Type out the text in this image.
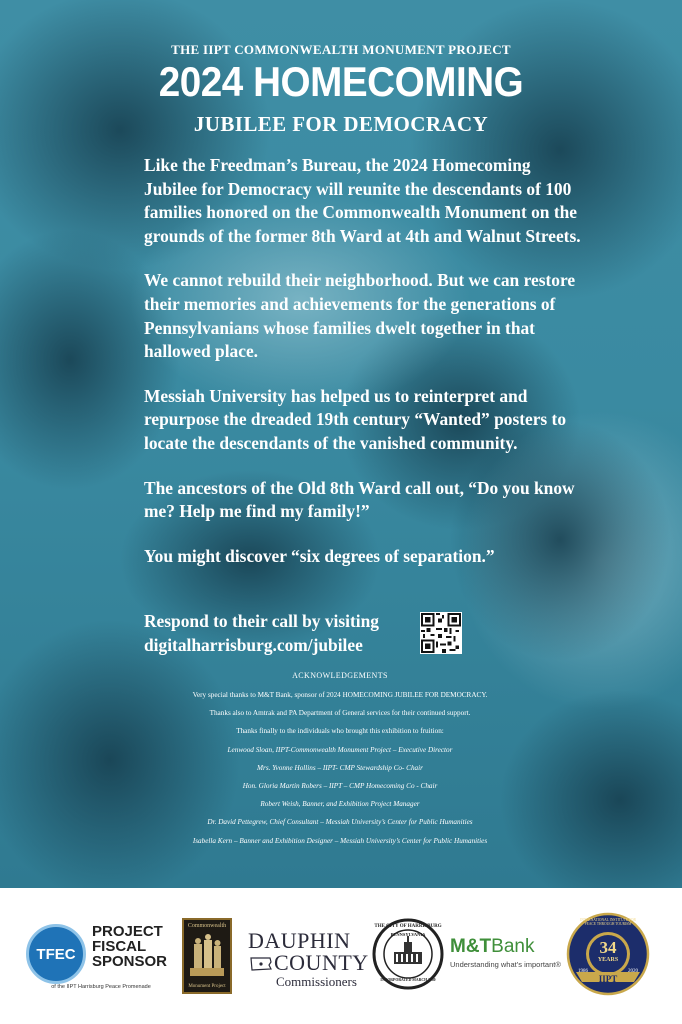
THE IIPT COMMONWEALTH MONUMENT PROJECT
2024 HOMECOMING
JUBILEE FOR DEMOCRACY

Like the Freedman’s Bureau, the 2024 Homecoming Jubilee for Democracy will reunite the descendants of 100 families honored on the Commonwealth Monument on the grounds of the former 8th Ward at 4th and Walnut Streets.

We cannot rebuild their neighborhood. But we can restore their memories and achievements for the generations of Pennsylvanians whose families dwelt together in that hallowed place.

Messiah University has helped us to reinterpret and repurpose the dreaded 19th century “Wanted” posters to locate the descendants of the vanished community.

The ancestors of the Old 8th Ward call out, “Do you know me? Help me find my family!”

You might discover “six degrees of separation.”

Respond to their call by visiting
digitalharrisburg.com/jubilee
ACKNOWLEDGEMENTS
Very special thanks to M&T Bank, sponsor of 2024 HOMECOMING JUBILEE FOR DEMOCRACY.
Thanks also to Amtrak and PA Department of General services for their continued support.
Thanks finally to the individuals who brought this exhibition to fruition:
Lenwood Sloan, IIPT-Commonwealth Monument Project – Executive Director
Mrs. Yvonne Hollins – IIPT- CMP Stewardship Co- Chair
Hon. Gloria Martin Robers – IIPT – CMP Homecoming Co - Chair
Robert Weish, Banner, and Exhibition Project Manager
Dr. David Pettegrew, Chief Consultant – Messiah University’s Center for Public Humanities
Isabella Kern – Banner and Exhibition Designer – Messiah University’s Center for Public Humanities
TFEC
PROJECT
FISCAL
SPONSOR
of the IIPT Harrisburg Peace Promenade
Commonwealth
Monument Project
DAUPHIN
COUNTY
Commissioners
THE CITY OF HARRISBURG
PENNSYLVANIA
INCORPORATED MARCH 1860
M&TBank
Understanding what’s important®
INTERNATIONAL INSTITUTE FOR PEACE THROUGH TOURISM
34
YEARS
1986	2020
IIPT
